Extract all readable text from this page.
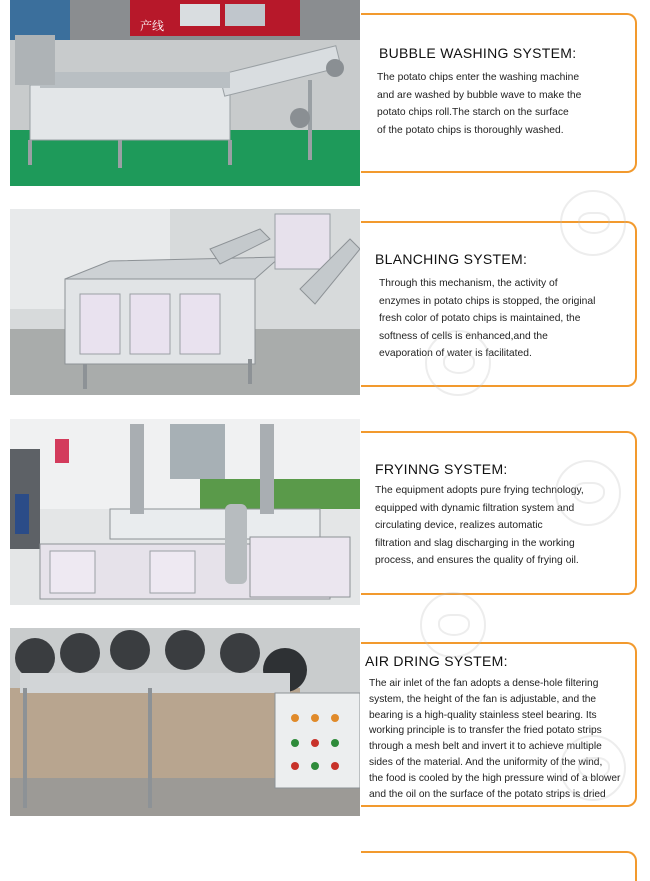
产线
BUBBLE WASHING SYSTEM:

The potato chips enter the washing machine
and are washed by bubble wave to make the
potato chips roll.The starch on the surface
of the potato chips is thoroughly washed.

BLANCHING SYSTEM:

Through this mechanism, the activity of
enzymes in potato chips is stopped, the original
fresh color of potato chips is maintained, the
softness of cells is enhanced,and the
evaporation of water is facilitated.

FRYINNG SYSTEM:

The equipment adopts pure frying technology,
equipped with dynamic filtration system and
circulating device, realizes automatic
filtration and slag discharging in the working
process, and ensures the quality of frying oil.

AIR DRING SYSTEM:

The air inlet of the fan adopts a dense-hole filtering
system, the height of the fan is adjustable, and the
bearing is a high-quality stainless steel bearing. Its
working principle is to transfer the fried potato strips
through a mesh belt and invert it to achieve multiple
sides of the material. And the uniformity of the wind,
the food is cooled by the high pressure wind of a blower
and the oil on the surface of the potato strips is dried
